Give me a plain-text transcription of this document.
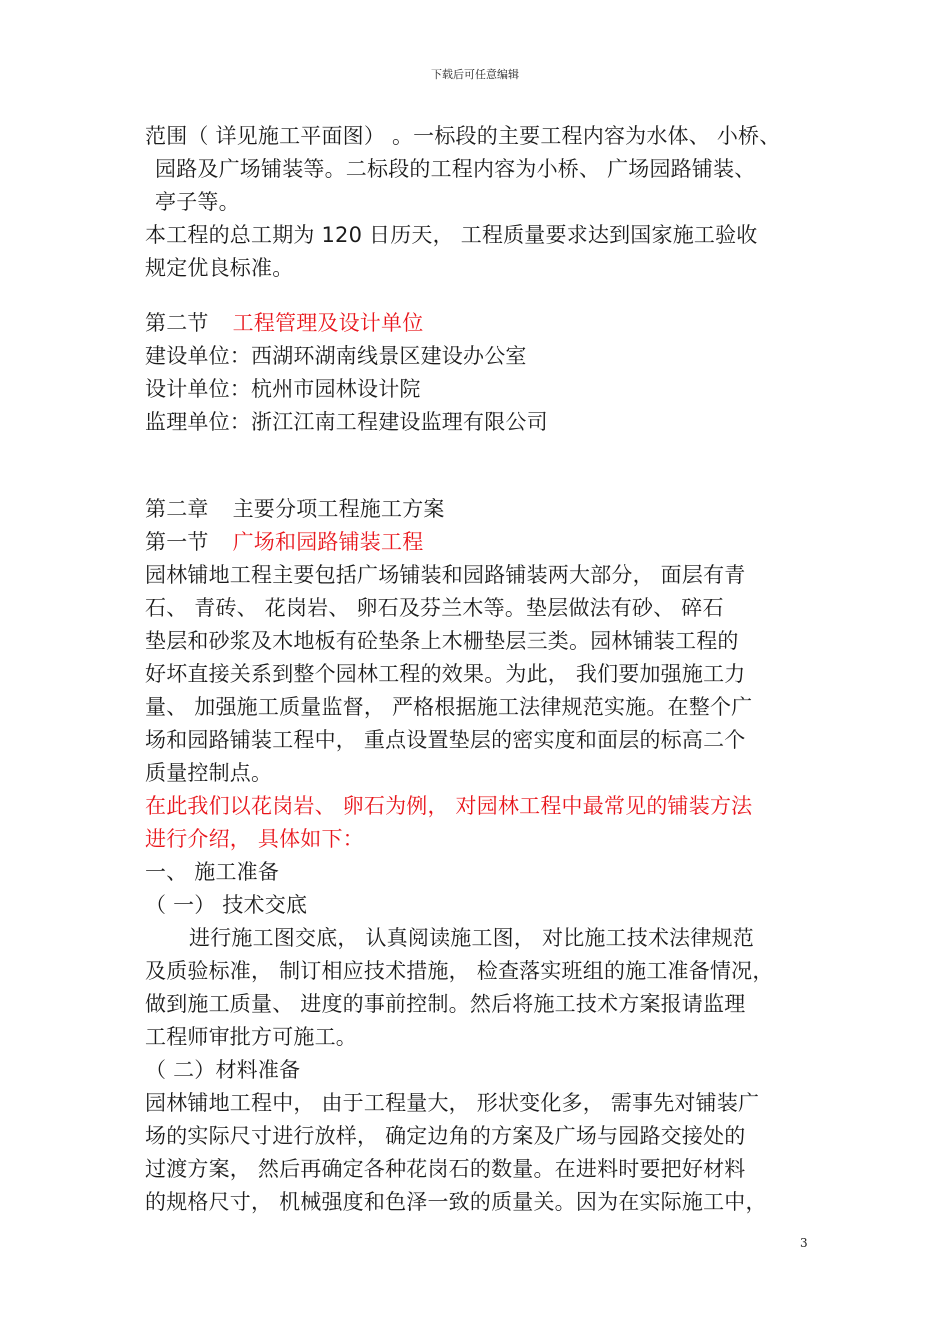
下载后可任意编辑
范围（ 详见施工平面图） 。一标段的主要工程内容为水体、 小桥、
园路及广场铺装等。二标段的工程内容为小桥、 广场园路铺装、
亭子等。
本工程的总工期为 120 日历天， 工程质量要求达到国家施工验收
规定优良标准。
第二节 工程管理及设计单位
建设单位：西湖环湖南线景区建设办公室
设计单位：杭州市园林设计院
监理单位：浙江江南工程建设监理有限公司
第二章 主要分项工程施工方案
第一节 广场和园路铺装工程
园林铺地工程主要包括广场铺装和园路铺装两大部分， 面层有青
石、 青砖、 花岗岩、 卵石及芬兰木等。垫层做法有砂、 碎石
垫层和砂浆及木地板有砼垫条上木栅垫层三类。园林铺装工程的
好坏直接关系到整个园林工程的效果。为此， 我们要加强施工力
量、 加强施工质量监督， 严格根据施工法律规范实施。在整个广
场和园路铺装工程中， 重点设置垫层的密实度和面层的标高二个
质量控制点。
在此我们以花岗岩、 卵石为例， 对园林工程中最常见的铺装方法
进行介绍， 具体如下：
一、 施工准备
（ 一） 技术交底
进行施工图交底， 认真阅读施工图， 对比施工技术法律规范
及质验标准， 制订相应技术措施， 检查落实班组的施工准备情况，
做到施工质量、 进度的事前控制。然后将施工技术方案报请监理
工程师审批方可施工。
（ 二）材料准备
园林铺地工程中， 由于工程量大， 形状变化多， 需事先对铺装广
场的实际尺寸进行放样， 确定边角的方案及广场与园路交接处的
过渡方案， 然后再确定各种花岗石的数量。在进料时要把好材料
的规格尺寸， 机械强度和色泽一致的质量关。因为在实际施工中，
3
